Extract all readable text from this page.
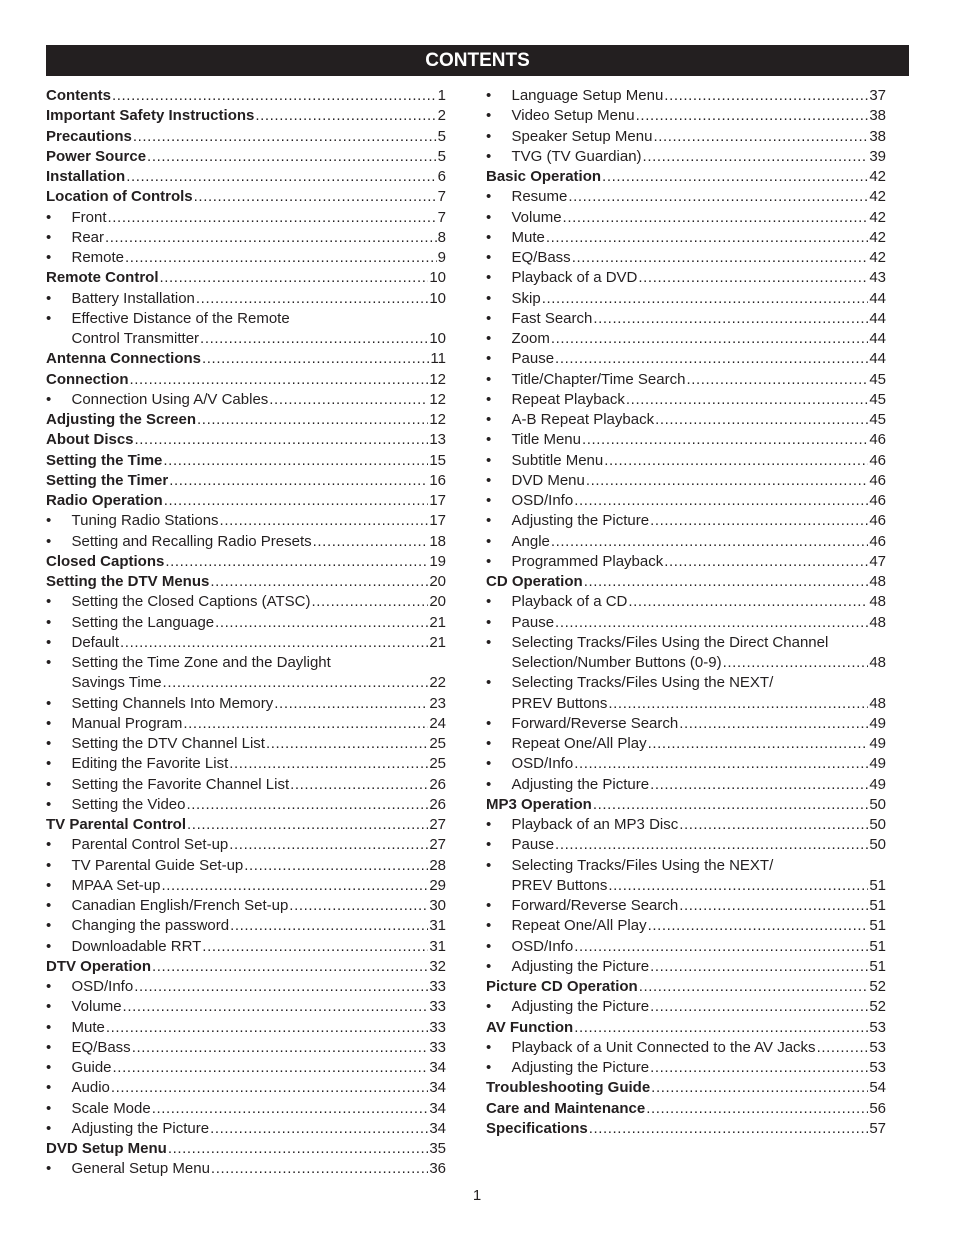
CONTENTS
Contents .....	1
Important Safety Instructions .....	2
Precautions .....	5
Power Source .....	5
Installation .....	6
Location of Controls .....	7
•	Front .....	7
•	Rear .....	8
•	Remote .....	9
Remote Control .....	10
•	Battery Installation .....	10
•	Effective Distance of the Remote
Control Transmitter .....	10
Antenna Connections .....	11
Connection .....	12
•	Connection Using A/V Cables .....	12
Adjusting the Screen .....	12
About Discs .....	13
Setting the Time .....	15
Setting the Timer .....	16
Radio Operation .....	17
•	Tuning Radio Stations .....	17
•	Setting and Recalling Radio Presets .....	18
Closed Captions .....	19
Setting the DTV Menus .....	20
•	Setting the Closed Captions (ATSC) .....	20
•	Setting the Language .....	21
•	Default .....	21
•	Setting the Time Zone and the Daylight
Savings Time .....	22
•	Setting Channels Into Memory .....	23
•	Manual Program .....	24
•	Setting the DTV Channel List .....	25
•	Editing the Favorite List .....	25
•	Setting the Favorite Channel List .....	26
•	Setting the Video .....	26
TV Parental Control .....	27
•	Parental Control Set-up .....	27
•	TV Parental Guide Set-up .....	28
•	MPAA Set-up .....	29
•	Canadian English/French Set-up .....	30
•	Changing the password .....	31
•	Downloadable RRT .....	31
DTV Operation .....	32
•	OSD/Info .....	33
•	Volume .....	33
•	Mute .....	33
•	EQ/Bass .....	33
•	Guide .....	34
•	Audio .....	34
•	Scale Mode .....	34
•	Adjusting the Picture .....	34
DVD Setup Menu .....	35
•	General Setup Menu .....	36
•	Language Setup Menu .....	37
•	Video Setup Menu .....	38
•	Speaker Setup Menu .....	38
•	TVG (TV Guardian) .....	39
Basic Operation .....	42
•	Resume .....	42
•	Volume .....	42
•	Mute .....	42
•	EQ/Bass .....	42
•	Playback of a DVD .....	43
•	Skip .....	44
•	Fast Search .....	44
•	Zoom .....	44
•	Pause .....	44
•	Title/Chapter/Time Search .....	45
•	Repeat Playback .....	45
•	A-B Repeat Playback .....	45
•	Title Menu .....	46
•	Subtitle Menu .....	46
•	DVD Menu .....	46
•	OSD/Info .....	46
•	Adjusting the Picture .....	46
•	Angle .....	46
•	Programmed Playback .....	47
CD Operation .....	48
•	Playback of a CD .....	48
•	Pause .....	48
•	Selecting Tracks/Files Using the Direct Channel
Selection/Number Buttons (0-9) .....	48
•	Selecting Tracks/Files Using the NEXT/
PREV Buttons .....	48
•	Forward/Reverse Search .....	49
•	Repeat One/All Play .....	49
•	OSD/Info .....	49
•	Adjusting the Picture .....	49
MP3 Operation .....	50
•	Playback of an MP3 Disc .....	50
•	Pause .....	50
•	Selecting Tracks/Files Using the NEXT/
PREV Buttons .....	51
•	Forward/Reverse Search .....	51
•	Repeat One/All Play .....	51
•	OSD/Info .....	51
•	Adjusting the Picture .....	51
Picture CD Operation .....	52
•	Adjusting the Picture .....	52
AV Function .....	53
•	Playback of a Unit Connected to the AV Jacks .....	53
•	Adjusting the Picture .....	53
Troubleshooting Guide .....	54
Care and Maintenance .....	56
Specifications .....	57
1
